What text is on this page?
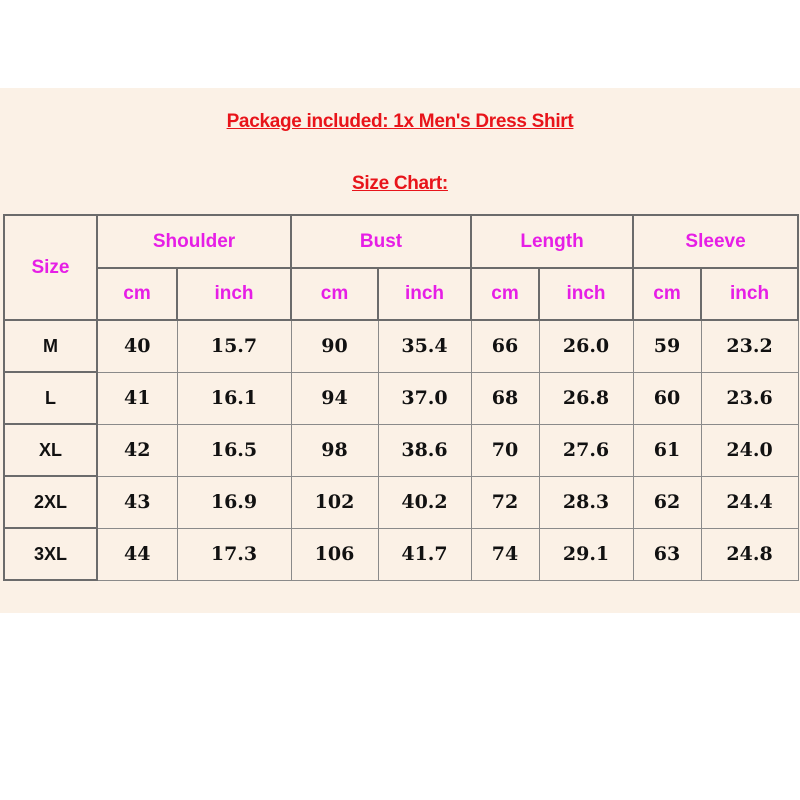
Package included: 1x Men's Dress Shirt
Size Chart:
Size	Shoulder		Bust		Length		Sleeve	
	cm	inch	cm	inch	cm	inch	cm	inch
M	40	15.7	90	35.4	66	26.0	59	23.2
L	41	16.1	94	37.0	68	26.8	60	23.6
XL	42	16.5	98	38.6	70	27.6	61	24.0
2XL	43	16.9	102	40.2	72	28.3	62	24.4
3XL	44	17.3	106	41.7	74	29.1	63	24.8
